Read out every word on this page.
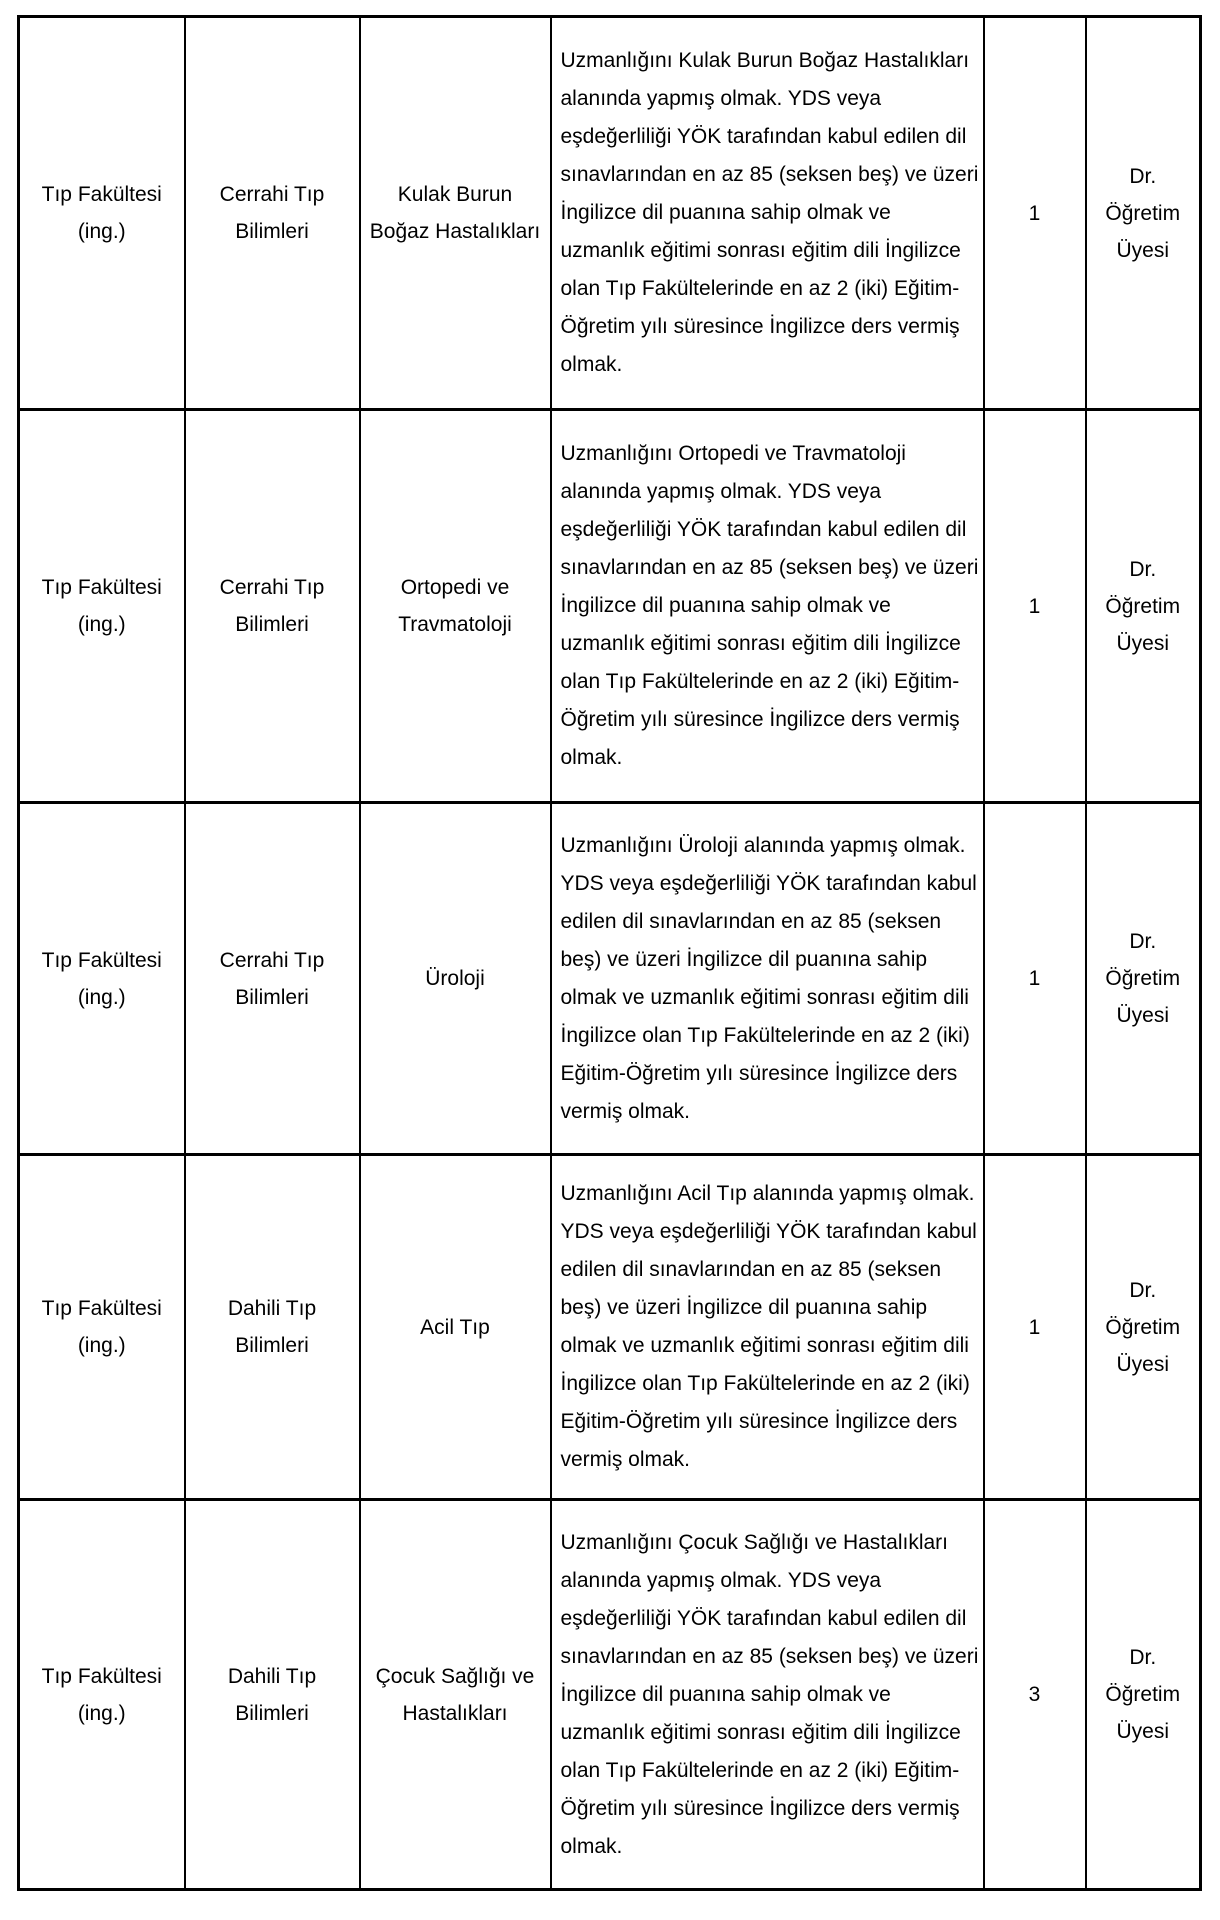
Tıp Fakültesi (ing.)	Cerrahi Tıp Bilimleri	Kulak Burun Boğaz Hastalıkları	Uzmanlığını Kulak Burun Boğaz Hastalıkları alanında yapmış olmak. YDS veya eşdeğerliliği YÖK tarafından kabul edilen dil sınavlarından en az 85 (seksen beş) ve üzeri İngilizce dil puanına sahip olmak ve uzmanlık eğitimi sonrası eğitim dili İngilizce olan Tıp Fakültelerinde en az 2 (iki) Eğitim-Öğretim yılı süresince İngilizce ders vermiş olmak.	1	Dr. Öğretim Üyesi
Tıp Fakültesi (ing.)	Cerrahi Tıp Bilimleri	Ortopedi ve Travmatoloji	Uzmanlığını Ortopedi ve Travmatoloji alanında yapmış olmak. YDS veya eşdeğerliliği YÖK tarafından kabul edilen dil sınavlarından en az 85 (seksen beş) ve üzeri İngilizce dil puanına sahip olmak ve uzmanlık eğitimi sonrası eğitim dili İngilizce olan Tıp Fakültelerinde en az 2 (iki) Eğitim-Öğretim yılı süresince İngilizce ders vermiş olmak.	1	Dr. Öğretim Üyesi
Tıp Fakültesi (ing.)	Cerrahi Tıp Bilimleri	Üroloji	Uzmanlığını Üroloji alanında yapmış olmak. YDS veya eşdeğerliliği YÖK tarafından kabul edilen dil sınavlarından en az 85 (seksen beş) ve üzeri İngilizce dil puanına sahip olmak ve uzmanlık eğitimi sonrası eğitim dili İngilizce olan Tıp Fakültelerinde en az 2 (iki) Eğitim-Öğretim yılı süresince İngilizce ders vermiş olmak.	1	Dr. Öğretim Üyesi
Tıp Fakültesi (ing.)	Dahili Tıp Bilimleri	Acil Tıp	Uzmanlığını Acil Tıp alanında yapmış olmak. YDS veya eşdeğerliliği YÖK tarafından kabul edilen dil sınavlarından en az 85 (seksen beş) ve üzeri İngilizce dil puanına sahip olmak ve uzmanlık eğitimi sonrası eğitim dili İngilizce olan Tıp Fakültelerinde en az 2 (iki) Eğitim-Öğretim yılı süresince İngilizce ders vermiş olmak.	1	Dr. Öğretim Üyesi
Tıp Fakültesi (ing.)	Dahili Tıp Bilimleri	Çocuk Sağlığı ve Hastalıkları	Uzmanlığını Çocuk Sağlığı ve Hastalıkları alanında yapmış olmak. YDS veya eşdeğerliliği YÖK tarafından kabul edilen dil sınavlarından en az 85 (seksen beş) ve üzeri İngilizce dil puanına sahip olmak ve uzmanlık eğitimi sonrası eğitim dili İngilizce olan Tıp Fakültelerinde en az 2 (iki) Eğitim-Öğretim yılı süresince İngilizce ders vermiş olmak.	3	Dr. Öğretim Üyesi
